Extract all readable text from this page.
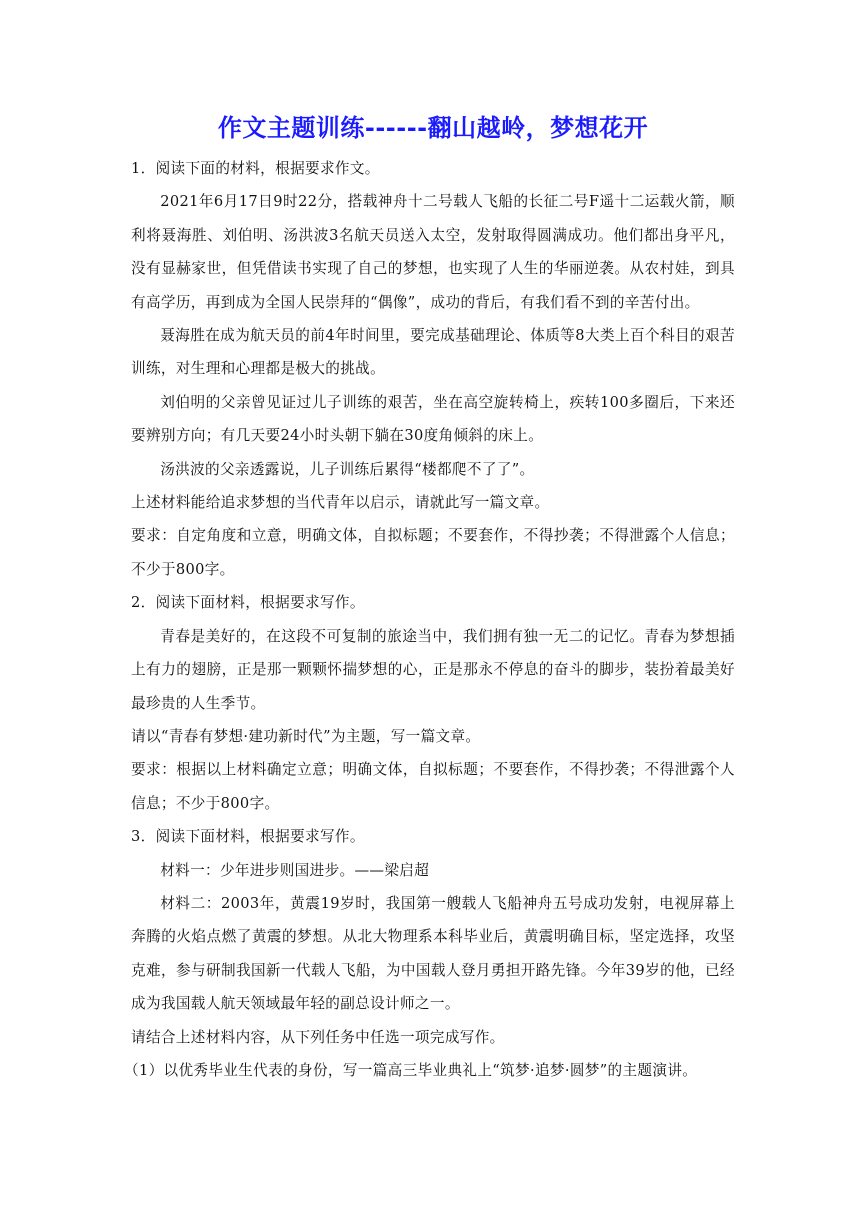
作文主题训练------翻山越岭，梦想花开

1．阅读下面的材料，根据要求作文。

2021年6月17日9时22分，搭载神舟十二号载人飞船的长征二号F遥十二运载火箭，顺利将聂海胜、刘伯明、汤洪波3名航天员送入太空，发射取得圆满成功。他们都出身平凡，没有显赫家世，但凭借读书实现了自己的梦想，也实现了人生的华丽逆袭。从农村娃，到具有高学历，再到成为全国人民崇拜的“偶像”，成功的背后，有我们看不到的辛苦付出。

聂海胜在成为航天员的前4年时间里，要完成基础理论、体质等8大类上百个科目的艰苦训练，对生理和心理都是极大的挑战。

刘伯明的父亲曾见证过儿子训练的艰苦，坐在高空旋转椅上，疾转100多圈后，下来还要辨别方向；有几天要24小时头朝下躺在30度角倾斜的床上。

汤洪波的父亲透露说，儿子训练后累得“楼都爬不了了”。

上述材料能给追求梦想的当代青年以启示，请就此写一篇文章。

要求：自定角度和立意，明确文体，自拟标题；不要套作，不得抄袭；不得泄露个人信息；不少于800字。

2．阅读下面材料，根据要求写作。

青春是美好的，在这段不可复制的旅途当中，我们拥有独一无二的记忆。青春为梦想插上有力的翅膀，正是那一颗颗怀揣梦想的心，正是那永不停息的奋斗的脚步，装扮着最美好最珍贵的人生季节。

请以“青春有梦想·建功新时代”为主题，写一篇文章。

要求：根据以上材料确定立意；明确文体，自拟标题；不要套作，不得抄袭；不得泄露个人信息；不少于800字。

3．阅读下面材料，根据要求写作。

材料一：少年进步则国进步。——梁启超

材料二：2003年，黄震19岁时，我国第一艘载人飞船神舟五号成功发射，电视屏幕上奔腾的火焰点燃了黄震的梦想。从北大物理系本科毕业后，黄震明确目标，坚定选择，攻坚克难，参与研制我国新一代载人飞船，为中国载人登月勇担开路先锋。今年39岁的他，已经成为我国载人航天领域最年轻的副总设计师之一。

请结合上述材料内容，从下列任务中任选一项完成写作。

（1）以优秀毕业生代表的身份，写一篇高三毕业典礼上“筑梦·追梦·圆梦”的主题演讲。
